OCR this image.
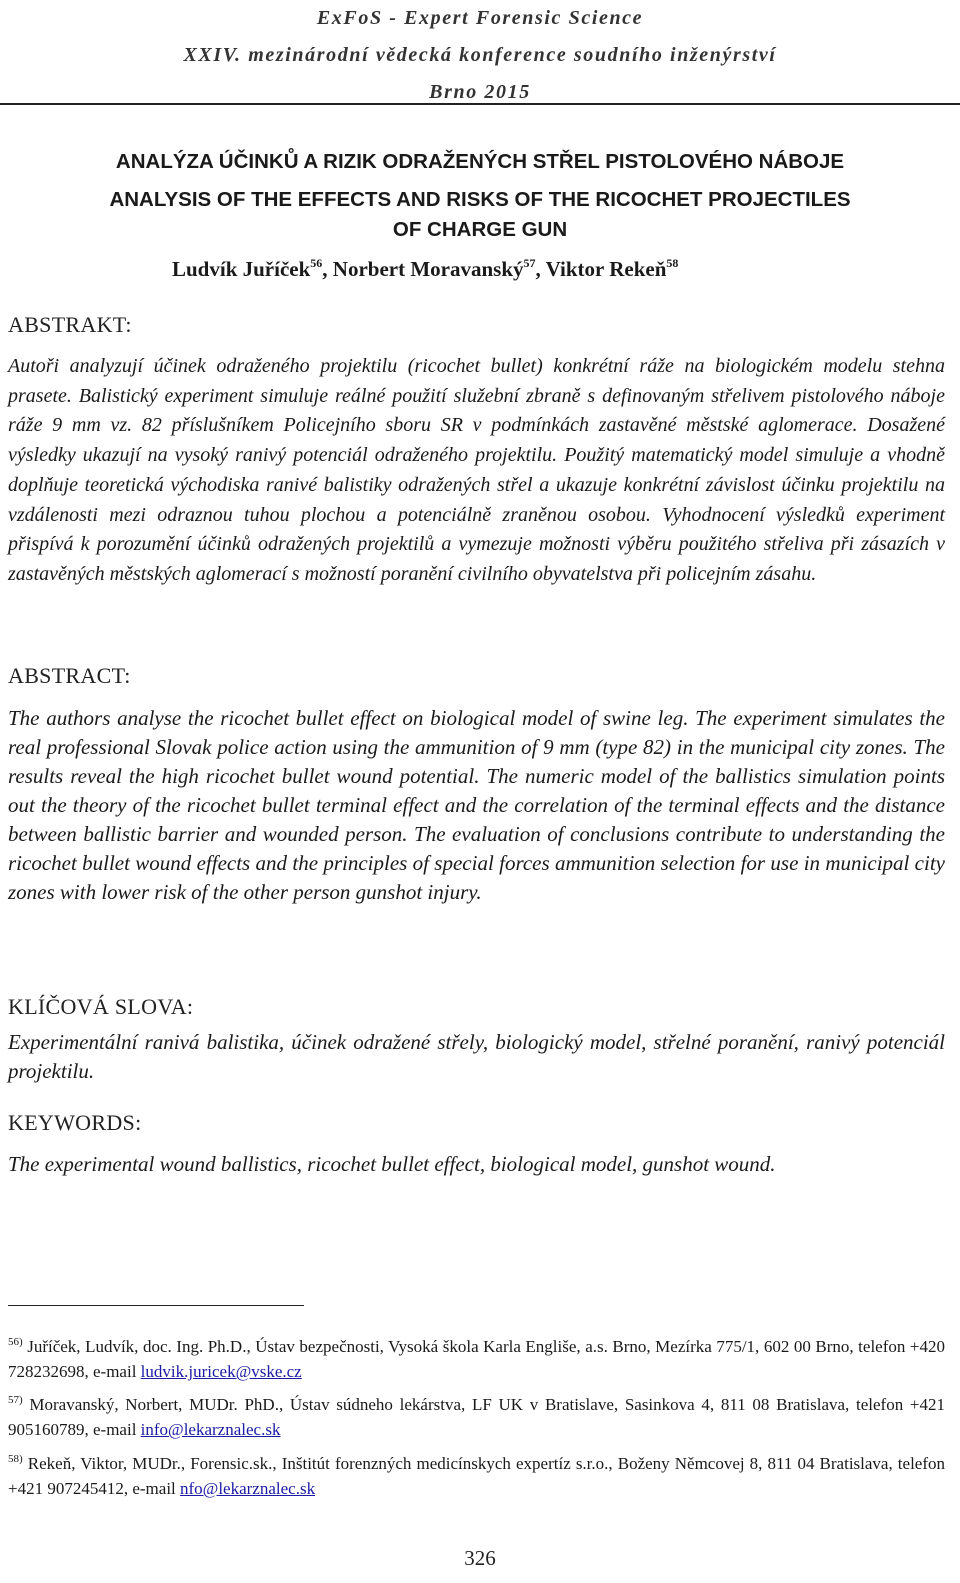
ExFoS - Expert Forensic Science
XXIV. mezinárodní vědecká konference soudního inženýrství
Brno 2015
ANALÝZA ÚČINKŮ A RIZIK ODRAŽENÝCH STŘEL PISTOLOVÉHO NÁBOJE
ANALYSIS OF THE EFFECTS AND RISKS OF THE RICOCHET PROJECTILES
OF CHARGE GUN
Ludvík Juříček$^{56}$, Norbert Moravanský$^{57}$, Viktor Rekeň$^{58}$
ABSTRAKT:
Autoři analyzují účinek odraženého projektilu (ricochet bullet) konkrétní ráže na biologickém modelu stehna prasete. Balistický experiment simuluje reálné použití služební zbraně s definovaným střelivem pistolového náboje ráže 9 mm vz. 82 příslušníkem Policejního sboru SR v podmínkách zastavěné městské aglomerace. Dosažené výsledky ukazují na vysoký ranivý potenciál odraženého projektilu. Použitý matematický model simuluje a vhodně doplňuje teoretická východiska ranivé balistiky odražených střel a ukazuje konkrétní závislost účinku projektilu na vzdálenosti mezi odraznou tuhou plochou a potenciálně zraněnou osobou. Vyhodnocení výsledků experiment přispívá k porozumění účinků odražených projektilů a vymezuje možnosti výběru použitého střeliva při zásazích v zastavěných městských aglomerací s možností poranění civilního obyvatelstva při policejním zásahu.
ABSTRACT:
The authors analyse the ricochet bullet effect on biological model of swine leg. The experiment simulates the real professional Slovak police action using the ammunition of 9 mm (type 82) in the municipal city zones. The results reveal the high ricochet bullet wound potential. The numeric model of the ballistics simulation points out the theory of the ricochet bullet terminal effect and the correlation of the terminal effects and the distance between ballistic barrier and wounded person. The evaluation of conclusions contribute to understanding the ricochet bullet wound effects and the principles of special forces ammunition selection for use in municipal city zones with lower risk of the other person gunshot injury.
KLÍČOVÁ SLOVA:
Experimentální ranivá balistika, účinek odražené střely, biologický model, střelné poranění, ranivý potenciál projektilu.
KEYWORDS:
The experimental wound ballistics, ricochet bullet effect, biological model, gunshot wound.
$^{56)}$ Juříček, Ludvík, doc. Ing. Ph.D., Ústav bezpečnosti, Vysoká škola Karla Engliše, a.s. Brno, Mezírka 775/1, 602 00 Brno, telefon +420 728232698, e-mail ludvik.juricek@vske.cz
$^{57)}$ Moravanský, Norbert, MUDr. PhD., Ústav súdneho lekárstva, LF UK v Bratislave, Sasinkova 4, 811 08 Bratislava, telefon +421 905160789, e-mail info@lekarznalec.sk
$^{58)}$ Rekeň, Viktor, MUDr., Forensic.sk., Inštitút forenzných medicínskych expertíz s.r.o., Boženy Němcovej 8, 811 04 Bratislava, telefon +421 907245412, e-mail nfo@lekarznalec.sk
326
